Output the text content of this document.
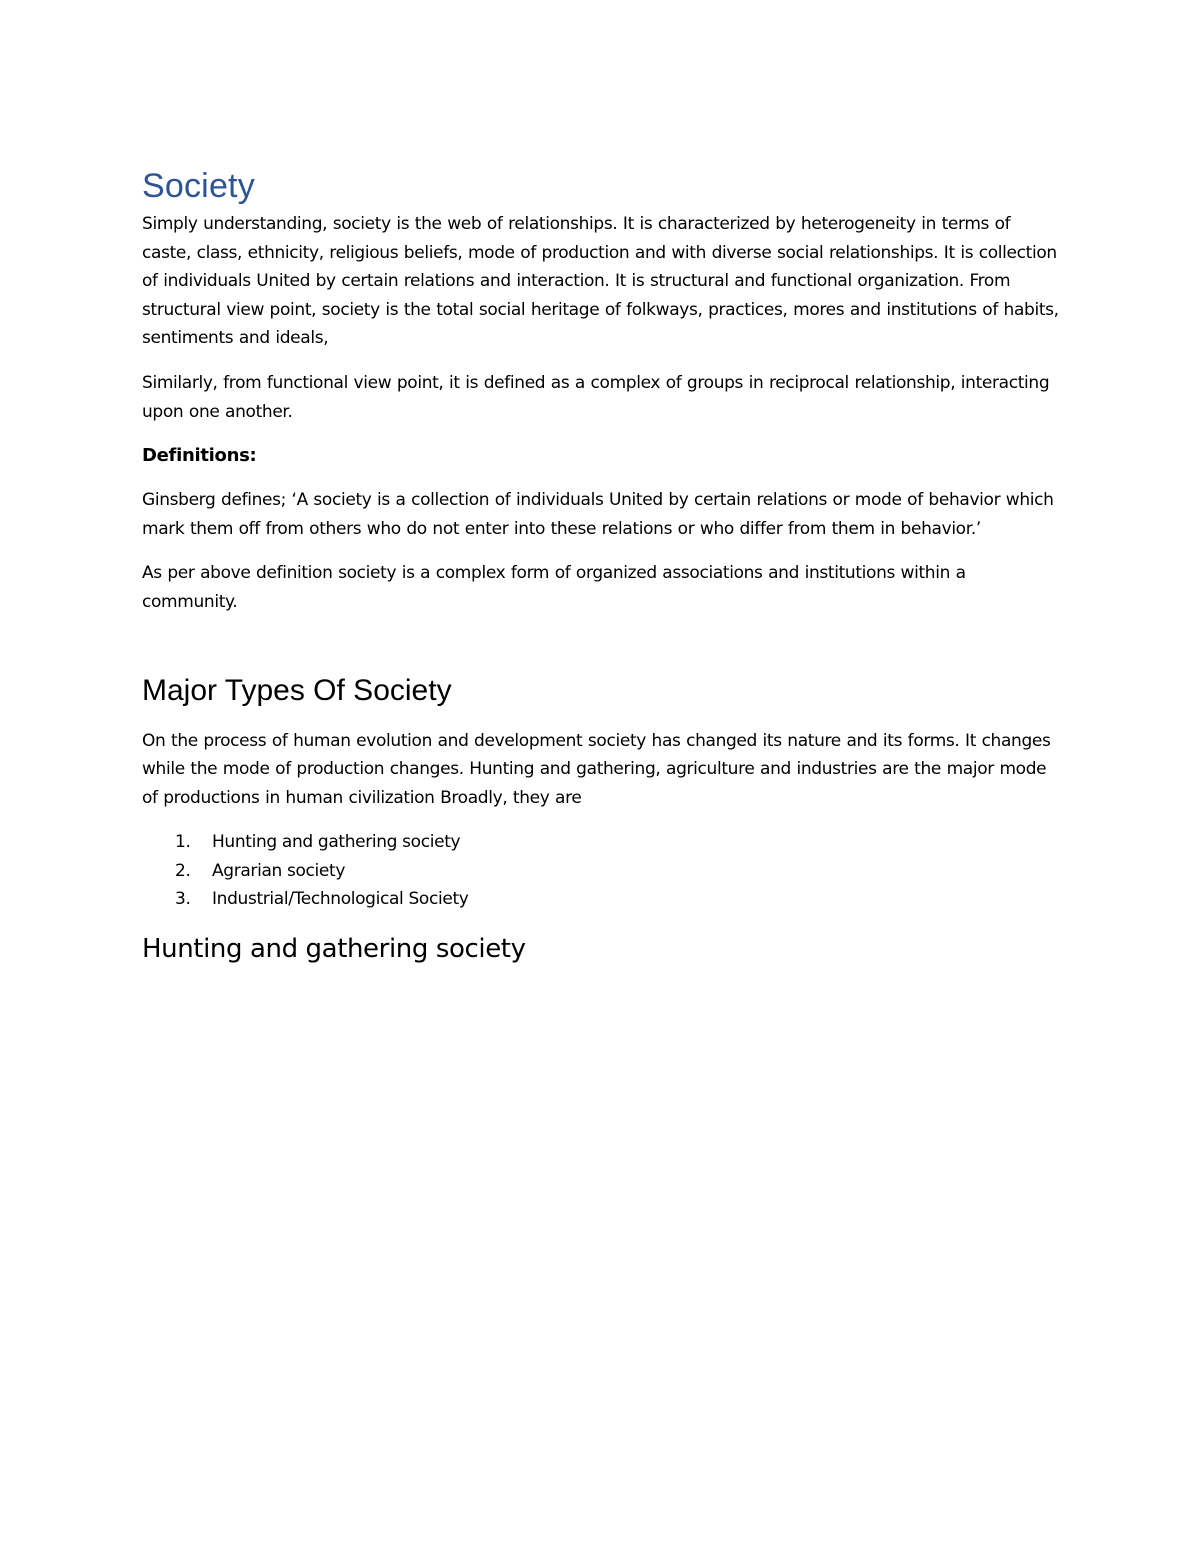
Society

Simply understanding, society is the web of relationships. It is characterized by heterogeneity in terms of caste, class, ethnicity, religious beliefs, mode of production and with diverse social relationships. It is collection of individuals United by certain relations and interaction. It is structural and functional organization. From structural view point, society is the total social heritage of folkways, practices, mores and institutions of habits, sentiments and ideals,

Similarly, from functional view point, it is defined as a complex of groups in reciprocal relationship, interacting upon one another.

Definitions:

Ginsberg defines; ‘A society is a collection of individuals United by certain relations or mode of behavior which mark them off from others who do not enter into these relations or who differ from them in behavior.’

As per above definition society is a complex form of organized associations and institutions within a community.

Major Types Of Society

On the process of human evolution and development society has changed its nature and its forms. It changes while the mode of production changes. Hunting and gathering, agriculture and industries are the major mode of productions in human civilization Broadly, they are

1.	Hunting and gathering society
2.	Agrarian society
3.	Industrial/Technological Society
Hunting and gathering society
